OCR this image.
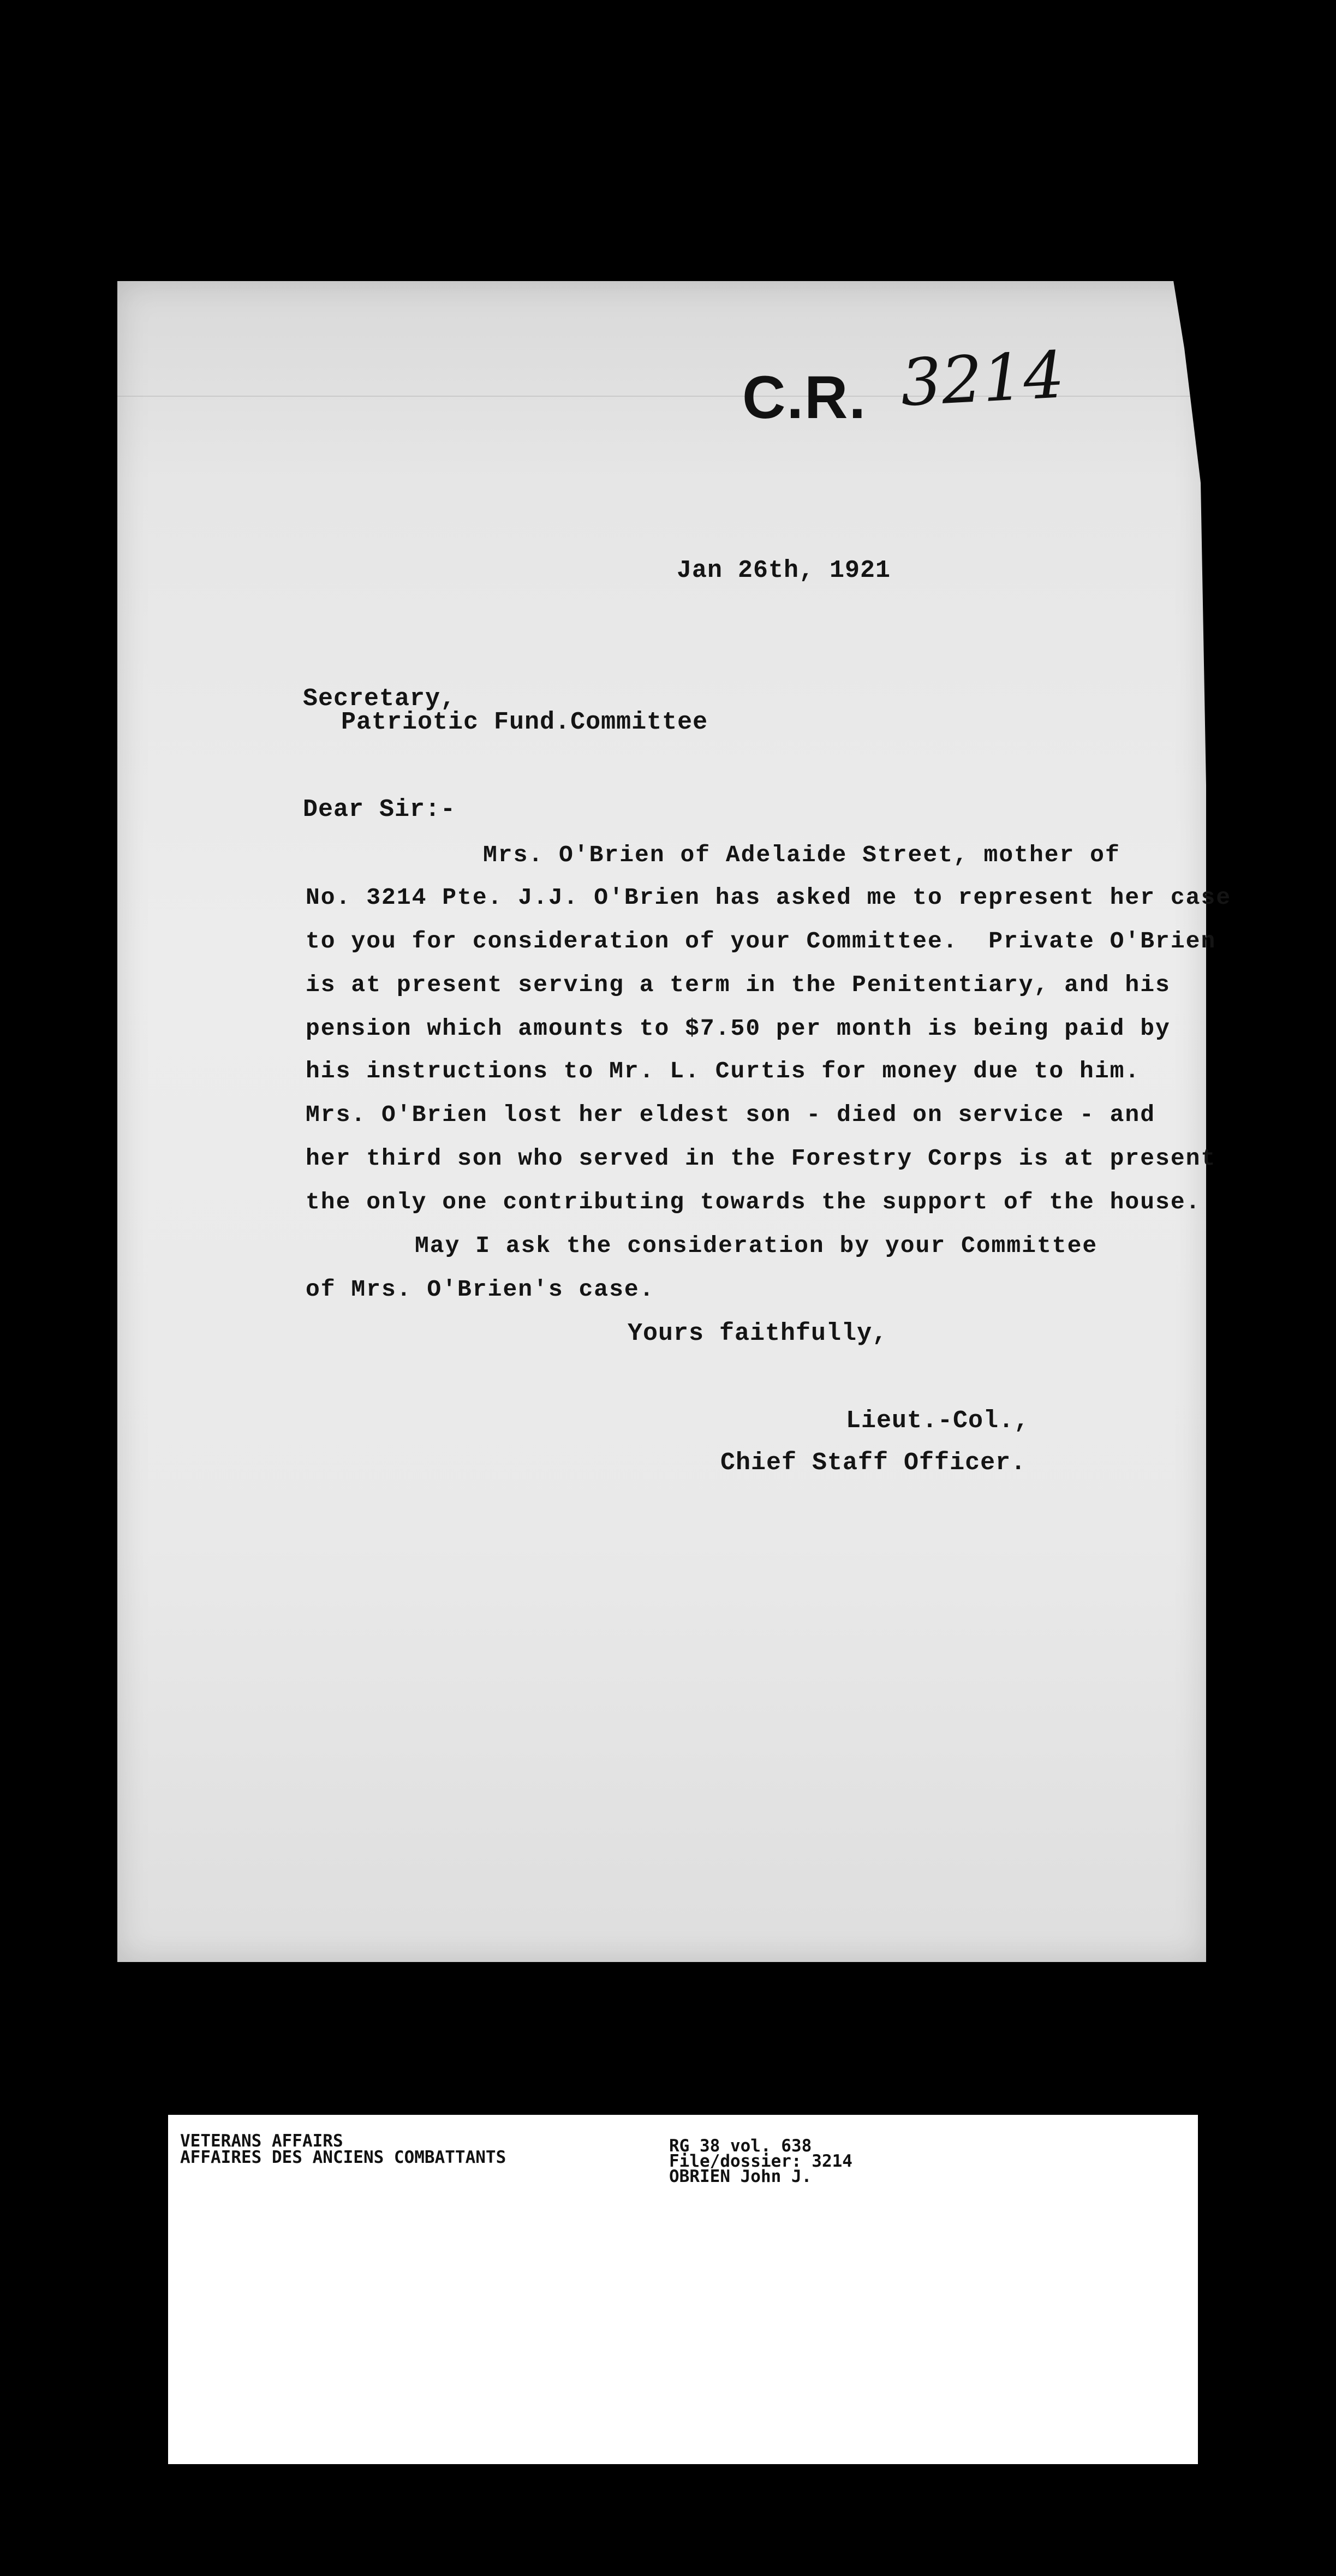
C.R. 3214
Jan 26th, 1921
Secretary,
Patriotic Fund.Committee
Dear Sir:-
Mrs. O'Brien of Adelaide Street, mother of
No. 3214 Pte. J.J. O'Brien has asked me to represent her case
to you for consideration of your Committee.  Private O'Brien
is at present serving a term in the Penitentiary, and his
pension which amounts to $7.50 per month is being paid by
his instructions to Mr. L. Curtis for money due to him.
Mrs. O'Brien lost her eldest son - died on service - and
her third son who served in the Forestry Corps is at present
the only one contributing towards the support of the house.
May I ask the consideration by your Committee
of Mrs. O'Brien's case.
Yours faithfully,
Lieut.-Col.,
Chief Staff Officer.
VETERANS AFFAIRS
AFFAIRES DES ANCIENS COMBATTANTS
RG 38 vol. 638
File/dossier: 3214
OBRIEN John J.
